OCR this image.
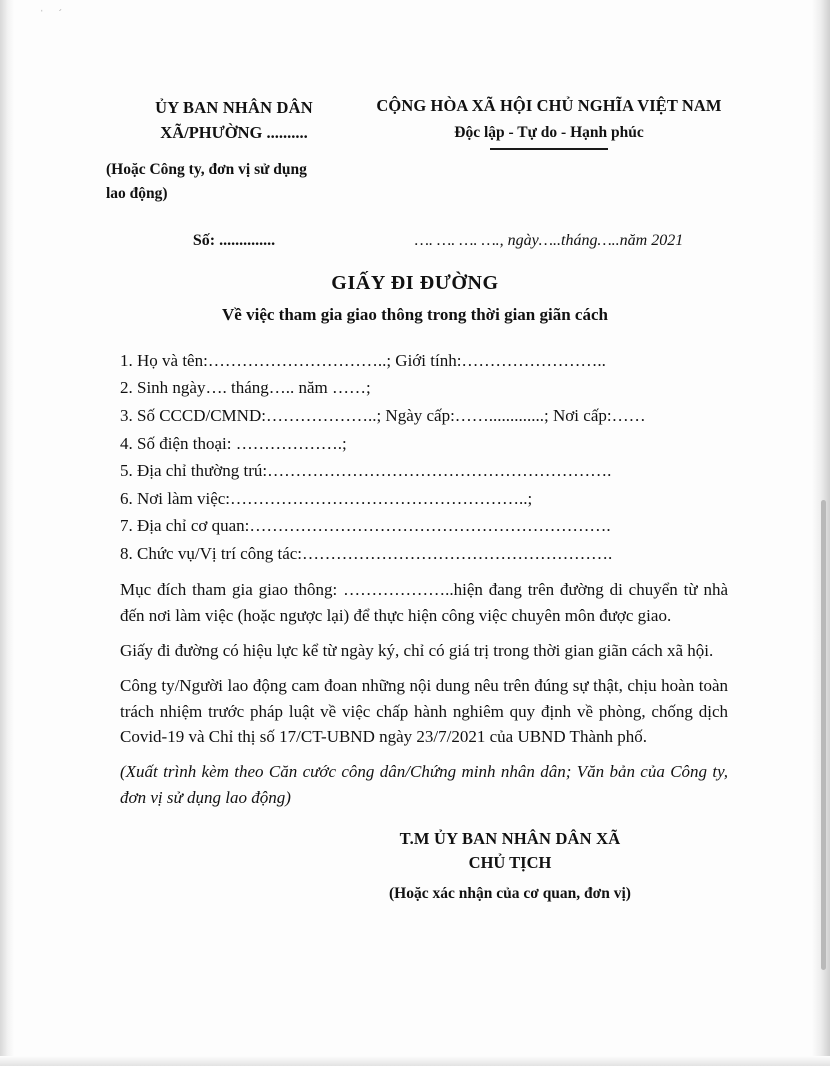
ˈ ˊ
ỦY BAN NHÂN DÂN
XÃ/PHƯỜNG ..........
(Hoặc Công ty, đơn vị sử dụng
lao động)
CỘNG HÒA XÃ HỘI CHỦ NGHĨA VIỆT NAM
Độc lập - Tự do - Hạnh phúc
Số: ..............	…. …. …. …., ngày…..tháng…..năm 2021
GIẤY ĐI ĐƯỜNG
Về việc tham gia giao thông trong thời gian giãn cách
1. Họ và tên:…………………………..; Giới tính:……………………..
2. Sinh ngày…. tháng….. năm ……;
3. Số CCCD/CMND:………………..; Ngày cấp:…….............; Nơi cấp:……
4. Số điện thoại: ……………….;
5. Địa chỉ thường trú:…………………………………………………….
6. Nơi làm việc:……………………………………………..;
7. Địa chỉ cơ quan:……………………………………………………….
8. Chức vụ/Vị trí công tác:……………………………………………….
Mục đích tham gia giao thông: ………………..hiện đang trên đường di chuyển từ nhà đến nơi làm việc (hoặc ngược lại) để thực hiện công việc chuyên môn được giao.
Giấy đi đường có hiệu lực kể từ ngày ký, chỉ có giá trị trong thời gian giãn cách xã hội.
Công ty/Người lao động cam đoan những nội dung nêu trên đúng sự thật, chịu hoàn toàn trách nhiệm trước pháp luật về việc chấp hành nghiêm quy định về phòng, chống dịch Covid-19 và Chỉ thị số 17/CT-UBND ngày 23/7/2021 của UBND Thành phố.
(Xuất trình kèm theo Căn cước công dân/Chứng minh nhân dân; Văn bản của Công ty, đơn vị sử dụng lao động)
T.M ỦY BAN NHÂN DÂN XÃ
CHỦ TỊCH
(Hoặc xác nhận của cơ quan, đơn vị)
